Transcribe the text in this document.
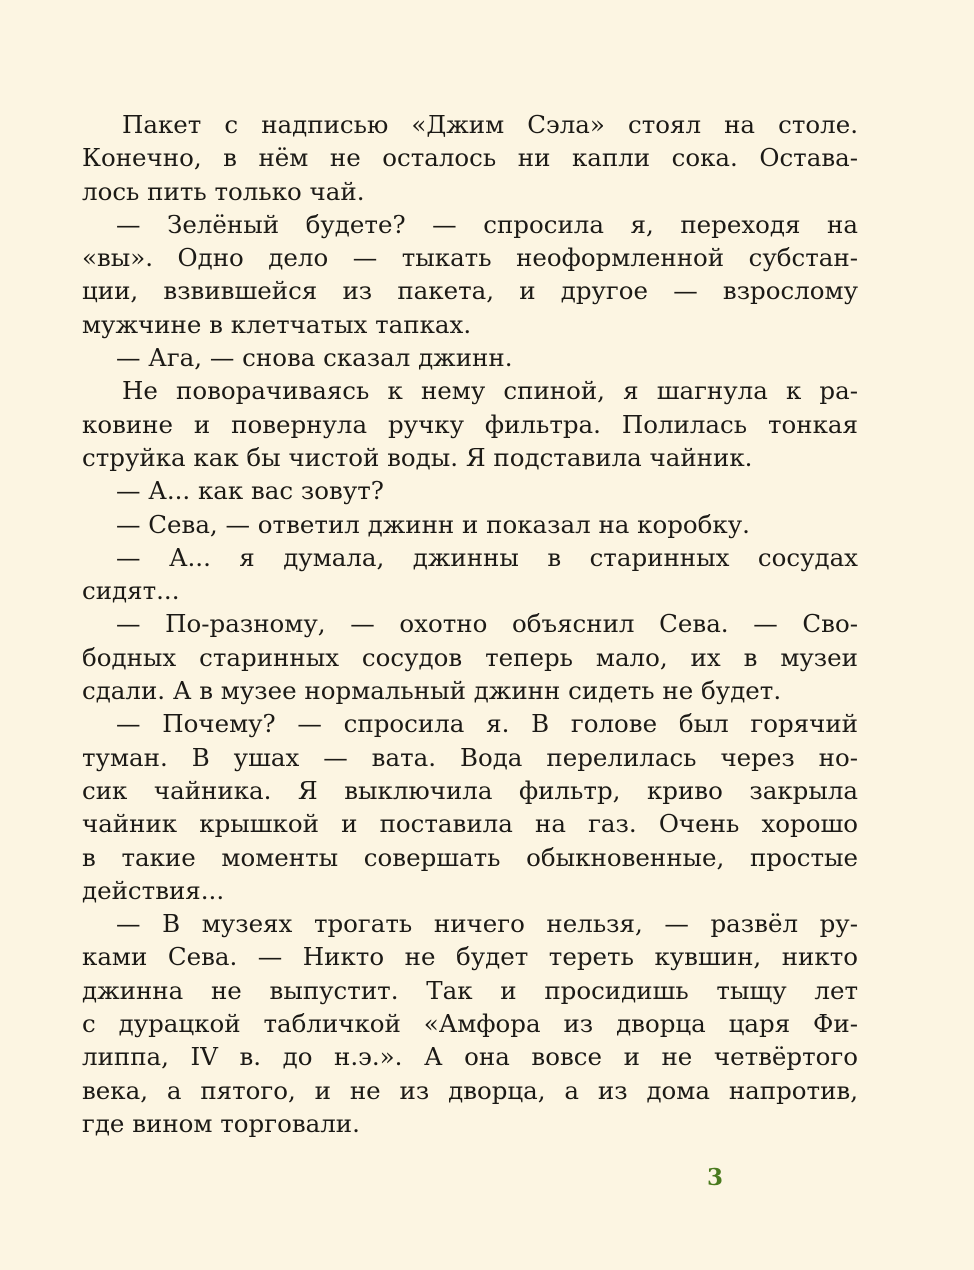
Пакет с надписью «Джим Сэла» стоял на столе.
Конечно, в нём не осталось ни капли сока. Остава-
лось пить только чай.
— Зелёный будете? — спросила я, переходя на
«вы». Одно дело — тыкать неоформленной субстан-
ции, взвившейся из пакета, и другое — взрослому
мужчине в клетчатых тапках.
— Ага, — снова сказал джинн.
Не поворачиваясь к нему спиной, я шагнула к ра-
ковине и повернула ручку фильтра. Полилась тонкая
струйка как бы чистой воды. Я подставила чайник.
— А... как вас зовут?
— Сева, — ответил джинн и показал на коробку.
— А... я думала, джинны в старинных сосудах
сидят...
— По-разному, — охотно объяснил Сева. — Сво-
бодных старинных сосудов теперь мало, их в музеи
сдали. А в музее нормальный джинн сидеть не будет.
— Почему? — спросила я. В голове был горячий
туман. В ушах — вата. Вода перелилась через но-
сик чайника. Я выключила фильтр, криво закрыла
чайник крышкой и поставила на газ. Очень хорошо
в такие моменты совершать обыкновенные, простые
действия...
— В музеях трогать ничего нельзя, — развёл ру-
ками Сева. — Никто не будет тереть кувшин, никто
джинна не выпустит. Так и просидишь тыщу лет
с дурацкой табличкой «Амфора из дворца царя Фи-
липпа, IV в. до н.э.». А она вовсе и не четвёртого
века, а пятого, и не из дворца, а из дома напротив,
где вином торговали.
3
